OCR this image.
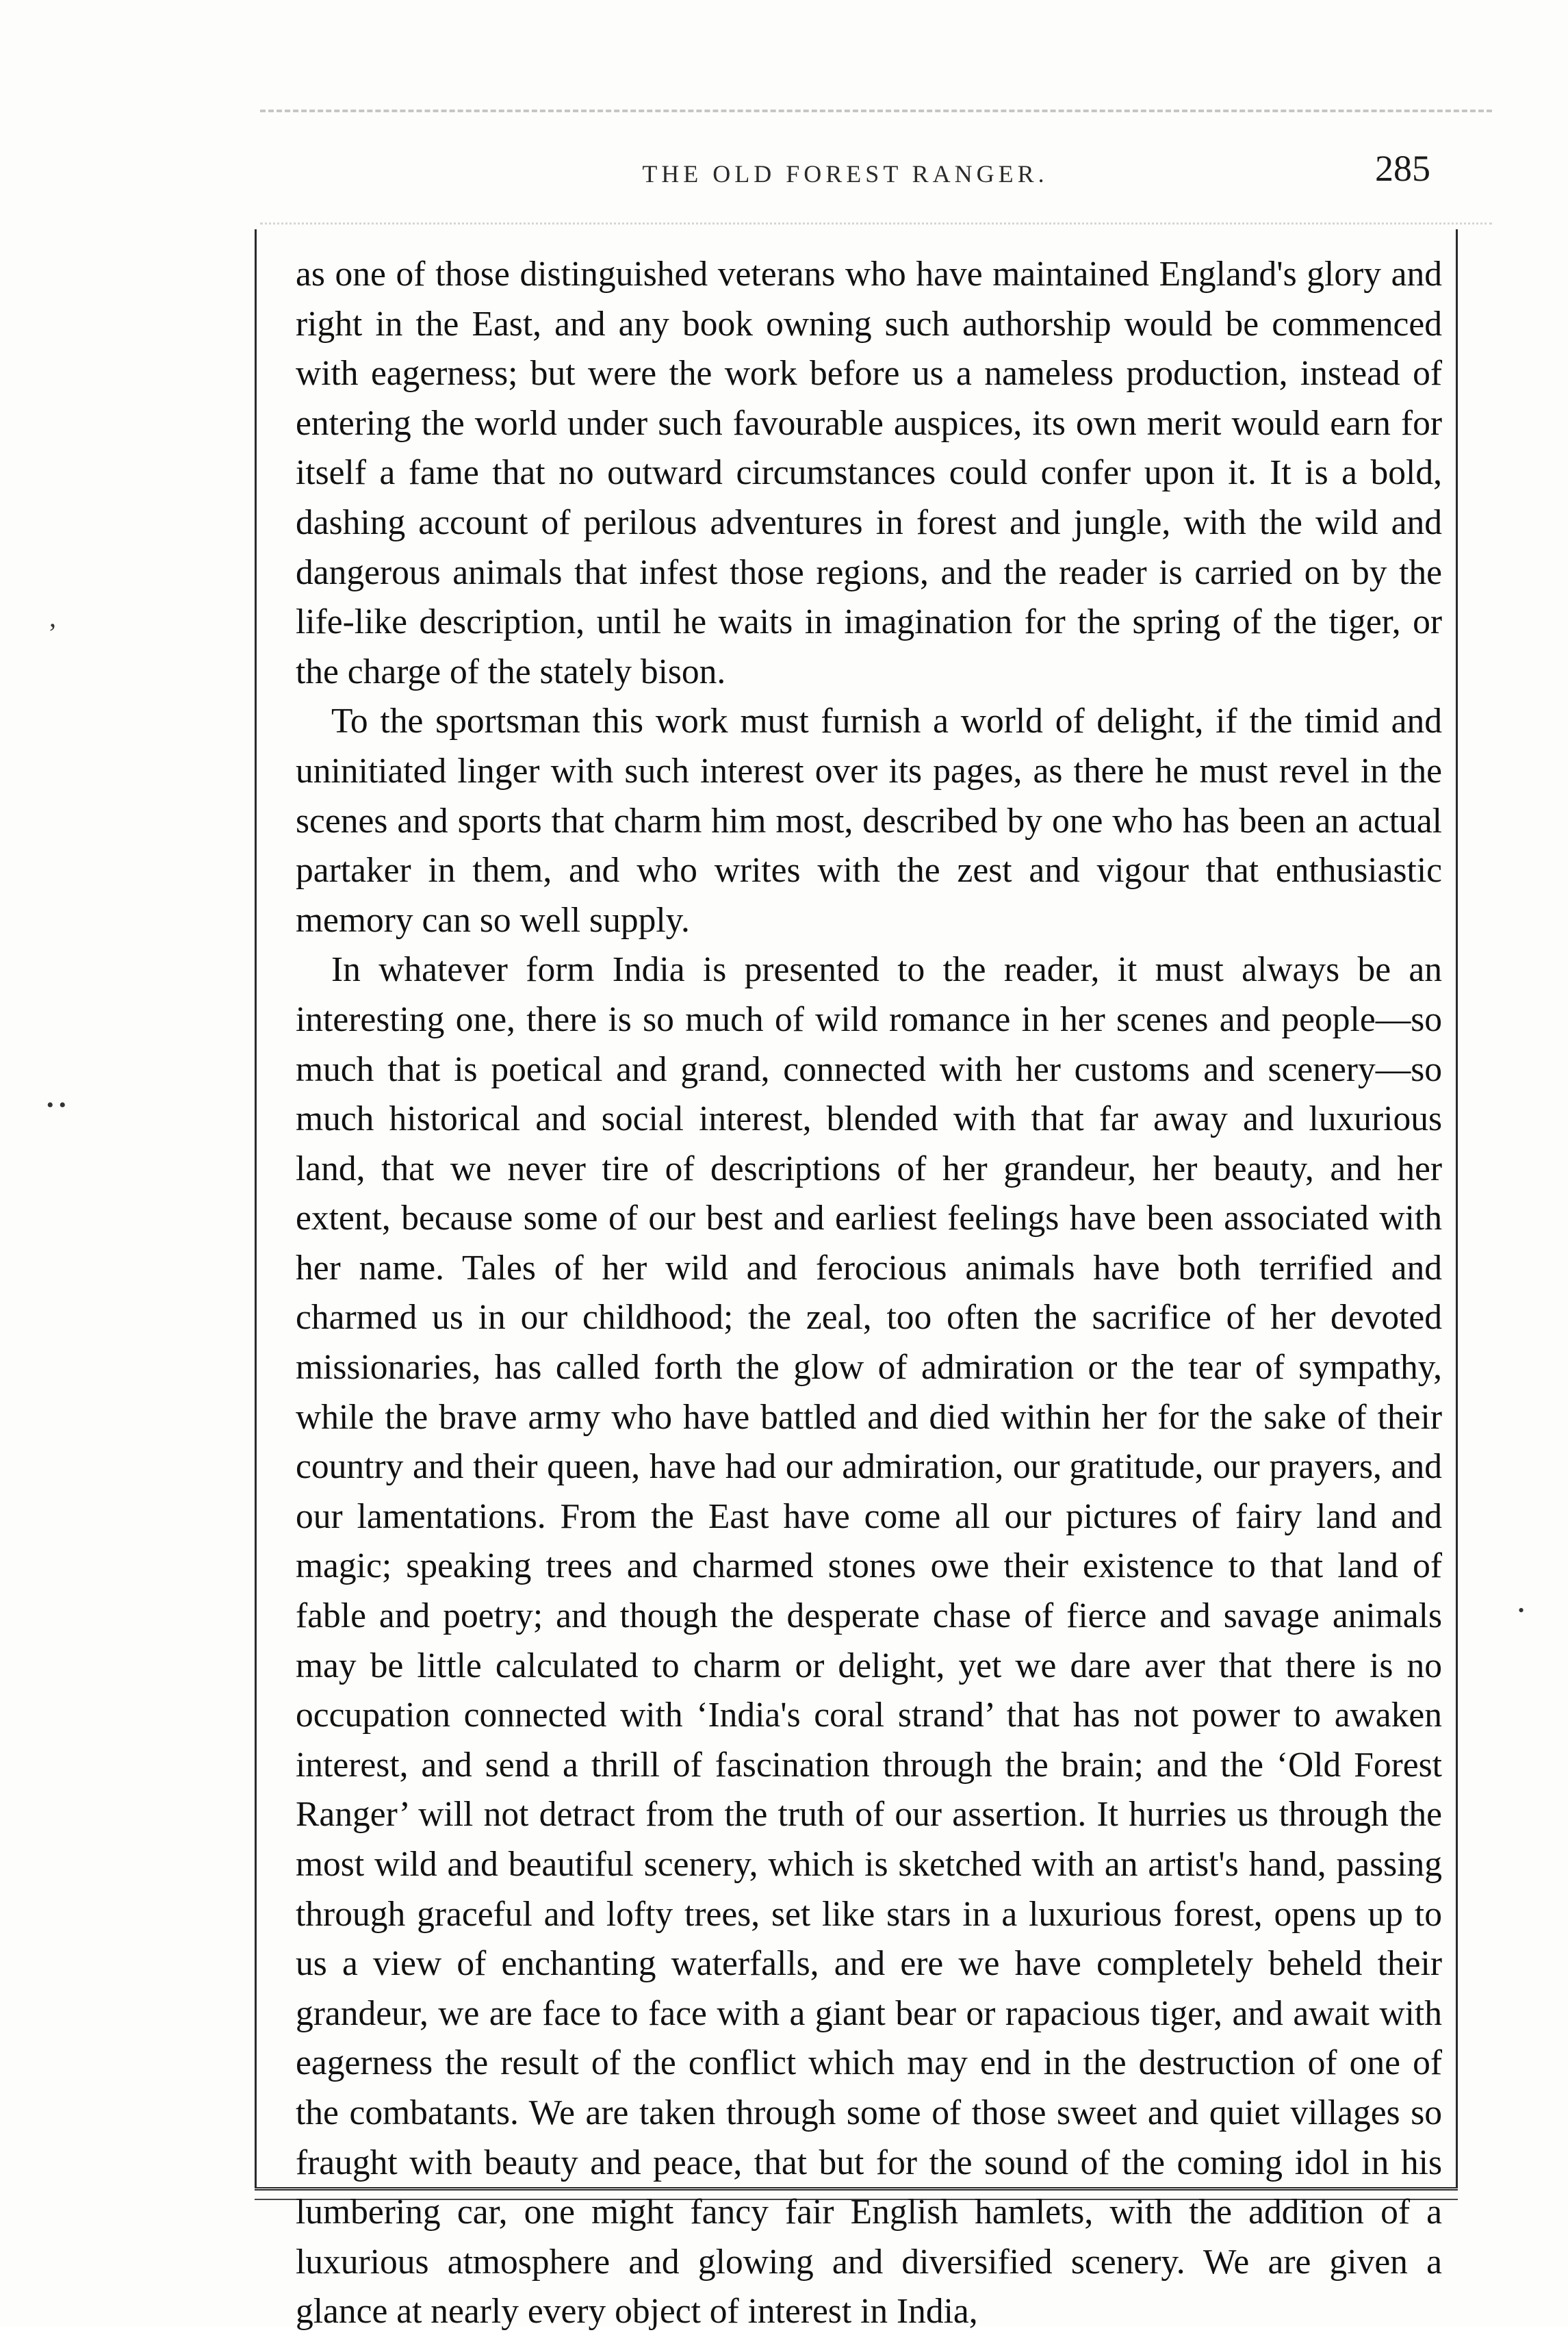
THE OLD FOREST RANGER.	285
’
• •
•

as one of those distinguished veterans who have maintained England's glory and right in the East, and any book owning such authorship would be commenced with eagerness; but were the work before us a nameless production, instead of entering the world under such favourable auspices, its own merit would earn for itself a fame that no outward circumstances could confer upon it. It is a bold, dashing account of perilous adventures in forest and jungle, with the wild and dangerous animals that infest those regions, and the reader is carried on by the life-like description, until he waits in imagination for the spring of the tiger, or the charge of the stately bison.

To the sportsman this work must furnish a world of delight, if the timid and uninitiated linger with such interest over its pages, as there he must revel in the scenes and sports that charm him most, described by one who has been an actual partaker in them, and who writes with the zest and vigour that enthusiastic memory can so well supply.

In whatever form India is presented to the reader, it must always be an interesting one, there is so much of wild romance in her scenes and people—so much that is poetical and grand, connected with her customs and scenery—so much historical and social interest, blended with that far away and luxurious land, that we never tire of descriptions of her grandeur, her beauty, and her extent, because some of our best and earliest feelings have been associated with her name. Tales of her wild and ferocious animals have both terrified and charmed us in our childhood; the zeal, too often the sacrifice of her devoted missionaries, has called forth the glow of admiration or the tear of sympathy, while the brave army who have battled and died within her for the sake of their country and their queen, have had our admiration, our gratitude, our prayers, and our lamentations. From the East have come all our pictures of fairy land and magic; speaking trees and charmed stones owe their existence to that land of fable and poetry; and though the desperate chase of fierce and savage animals may be little calculated to charm or delight, yet we dare aver that there is no occupation connected with ‘India's coral strand’ that has not power to awaken interest, and send a thrill of fascination through the brain; and the ‘Old Forest Ranger’ will not detract from the truth of our assertion. It hurries us through the most wild and beautiful scenery, which is sketched with an artist's hand, passing through graceful and lofty trees, set like stars in a luxurious forest, opens up to us a view of enchanting waterfalls, and ere we have completely beheld their grandeur, we are face to face with a giant bear or rapacious tiger, and await with eagerness the result of the conflict which may end in the destruction of one of the combatants. We are taken through some of those sweet and quiet villages so fraught with beauty and peace, that but for the sound of the coming idol in his lumbering car, one might fancy fair English hamlets, with the addition of a luxurious atmosphere and glowing and diversified scenery. We are given a glance at nearly every object of interest in India,
